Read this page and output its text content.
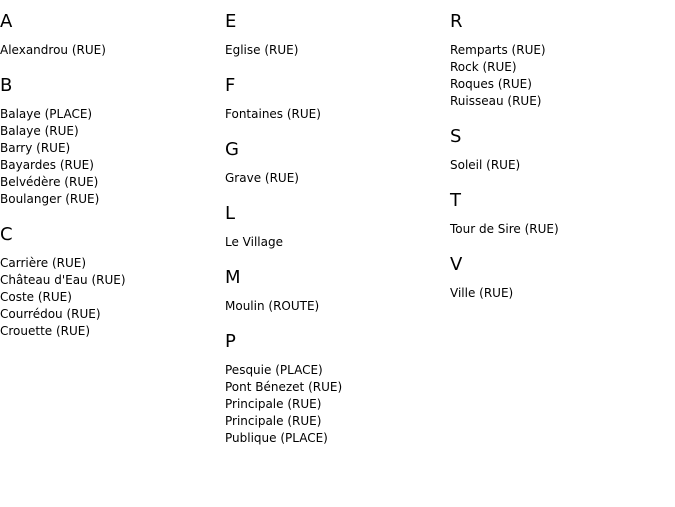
A
Alexandrou (RUE)
B
Balaye (PLACE)
Balaye (RUE)
Barry (RUE)
Bayardes (RUE)
Belvédère (RUE)
Boulanger (RUE)
C
Carrière (RUE)
Château d'Eau (RUE)
Coste (RUE)
Courrédou (RUE)
Crouette (RUE)
E
Eglise (RUE)
F
Fontaines (RUE)
G
Grave (RUE)
L
Le Village
M
Moulin (ROUTE)
P
Pesquie (PLACE)
Pont Bénezet (RUE)
Principale (RUE)
Principale (RUE)
Publique (PLACE)
R
Remparts (RUE)
Rock (RUE)
Roques (RUE)
Ruisseau (RUE)
S
Soleil (RUE)
T
Tour de Sire (RUE)
V
Ville (RUE)
